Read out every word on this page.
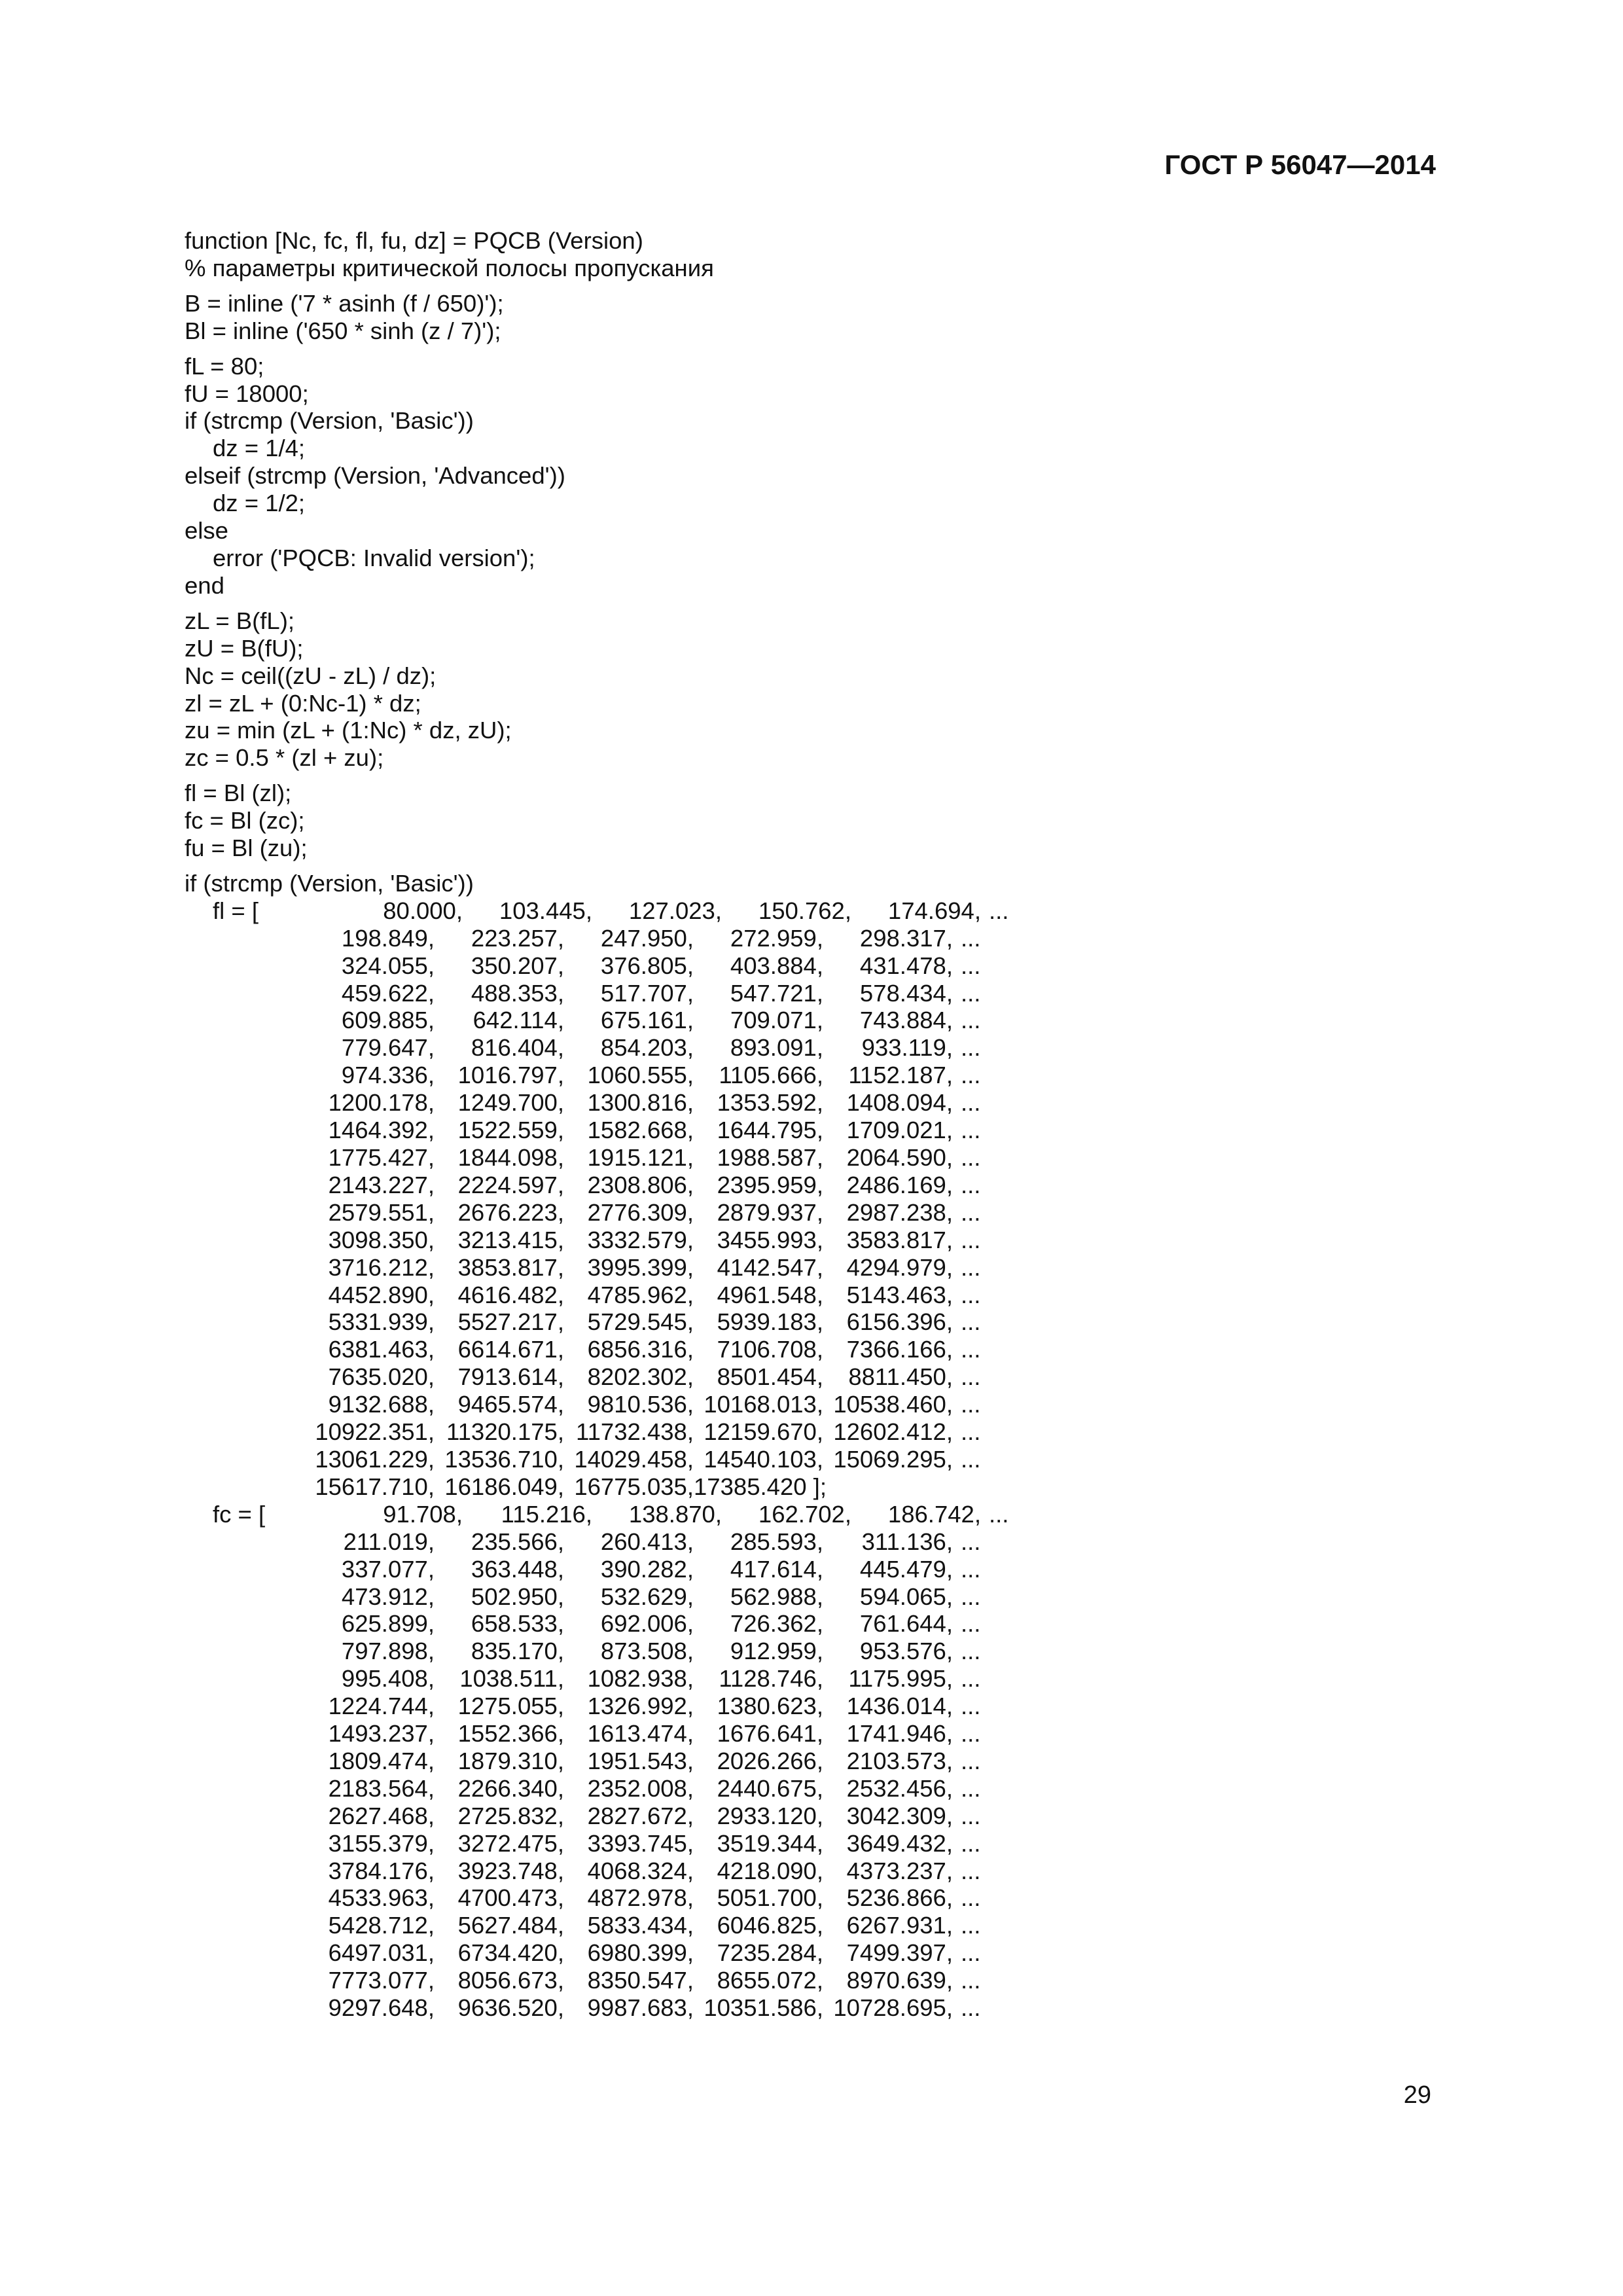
ГОСТ Р 56047—2014
function [Nc, fc, fl, fu, dz] = PQCB (Version)
% параметры критической полосы пропускания
B = inline ('7 * asinh (f / 650)');
Bl = inline ('650 * sinh (z / 7)');
fL = 80;
fU = 18000;
if (strcmp (Version, 'Basic'))
dz = 1/4;
elseif (strcmp (Version, 'Advanced'))
dz = 1/2;
else
error ('PQCB: Invalid version');
end
zL = B(fL);
zU = B(fU);
Nc = ceil((zU - zL) / dz);
zl = zL + (0:Nc-1) * dz;
zu = min (zL + (1:Nc) * dz, zU);
zc = 0.5 * (zl + zu);
fl = Bl (zl);
fc = Bl (zc);
fu = Bl (zu);
if (strcmp (Version, 'Basic'))
fl = [	80.000,	103.445,	127.023,	150.762,	174.694, ...
198.849,	223.257,	247.950,	272.959,	298.317, ...
324.055,	350.207,	376.805,	403.884,	431.478, ...
459.622,	488.353,	517.707,	547.721,	578.434, ...
609.885,	642.114,	675.161,	709.071,	743.884, ...
779.647,	816.404,	854.203,	893.091,	933.119, ...
974.336, 1016.797, 1060.555,	1105.666,	1152.187, ...
1200.178, 1249.700, 1300.816, 1353.592, 1408.094, ...
1464.392, 1522.559, 1582.668, 1644.795, 1709.021, ...
1775.427, 1844.098, 1915.121, 1988.587, 2064.590, ...
2143.227, 2224.597, 2308.806, 2395.959, 2486.169, ...
2579.551, 2676.223, 2776.309, 2879.937, 2987.238, ...
3098.350, 3213.415, 3332.579, 3455.993, 3583.817, ...
3716.212, 3853.817, 3995.399, 4142.547, 4294.979, ...
4452.890, 4616.482, 4785.962, 4961.548, 5143.463, ...
5331.939, 5527.217, 5729.545, 5939.183, 6156.396, ...
6381.463, 6614.671, 6856.316, 7106.708, 7366.166, ...
7635.020, 7913.614, 8202.302, 8501.454,	8811.450, ...
9132.688, 9465.574, 9810.536, 10168.013, 10538.460, ...
10922.351, 11320.175, 11732.438, 12159.670, 12602.412, ...
13061.229, 13536.710, 14029.458, 14540.103, 15069.295, ...
15617.710, 16186.049, 16775.035, 17385.420 ];
fc = [	91.708,	115.216,	138.870,	162.702,	186.742, ...
211.019,	235.566,	260.413,	285.593,	311.136, ...
337.077,	363.448,	390.282,	417.614,	445.479, ...
473.912,	502.950,	532.629,	562.988,	594.065, ...
625.899,	658.533,	692.006,	726.362,	761.644, ...
797.898,	835.170,	873.508,	912.959,	953.576, ...
995.408,	1038.511, 1082.938,	1128.746,	1175.995, ...
1224.744, 1275.055, 1326.992, 1380.623, 1436.014, ...
1493.237, 1552.366, 1613.474, 1676.641, 1741.946, ...
1809.474, 1879.310, 1951.543, 2026.266, 2103.573, ...
2183.564, 2266.340, 2352.008, 2440.675, 2532.456, ...
2627.468, 2725.832, 2827.672, 2933.120, 3042.309, ...
3155.379, 3272.475, 3393.745, 3519.344, 3649.432, ...
3784.176, 3923.748, 4068.324, 4218.090, 4373.237, ...
4533.963, 4700.473, 4872.978, 5051.700, 5236.866, ...
5428.712, 5627.484, 5833.434, 6046.825, 6267.931, ...
6497.031, 6734.420, 6980.399, 7235.284, 7499.397, ...
7773.077, 8056.673, 8350.547, 8655.072, 8970.639, ...
9297.648, 9636.520, 9987.683, 10351.586, 10728.695, ...
29
